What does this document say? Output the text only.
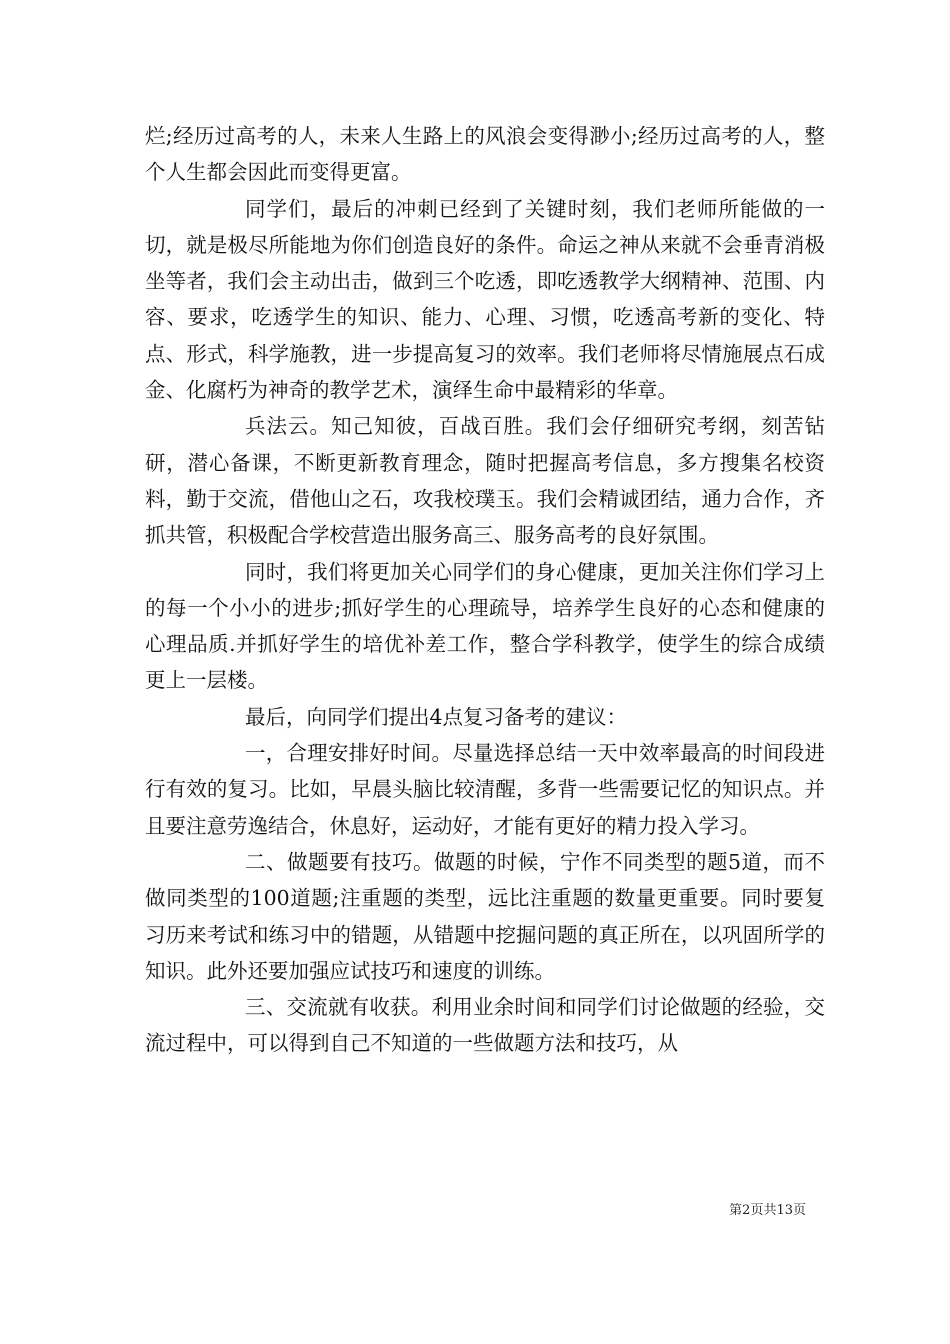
烂;经历过高考的人，未来人生路上的风浪会变得渺小;经历过高考的人，整个人生都会因此而变得更富。

同学们，最后的冲刺已经到了关键时刻，我们老师所能做的一切，就是极尽所能地为你们创造良好的条件。命运之神从来就不会垂青消极坐等者，我们会主动出击，做到三个吃透，即吃透教学大纲精神、范围、内容、要求，吃透学生的知识、能力、心理、习惯，吃透高考新的变化、特点、形式，科学施教，进一步提高复习的效率。我们老师将尽情施展点石成金、化腐朽为神奇的教学艺术，演绎生命中最精彩的华章。

兵法云。知己知彼，百战百胜。我们会仔细研究考纲，刻苦钻研，潜心备课，不断更新教育理念，随时把握高考信息，多方搜集名校资料，勤于交流，借他山之石，攻我校璞玉。我们会精诚团结，通力合作，齐抓共管，积极配合学校营造出服务高三、服务高考的良好氛围。

同时，我们将更加关心同学们的身心健康，更加关注你们学习上的每一个小小的进步;抓好学生的心理疏导，培养学生良好的心态和健康的心理品质.并抓好学生的培优补差工作，整合学科教学，使学生的综合成绩更上一层楼。

最后，向同学们提出4点复习备考的建议：

一，合理安排好时间。尽量选择总结一天中效率最高的时间段进行有效的复习。比如，早晨头脑比较清醒，多背一些需要记忆的知识点。并且要注意劳逸结合，休息好，运动好，才能有更好的精力投入学习。

二、做题要有技巧。做题的时候，宁作不同类型的题5道，而不做同类型的100道题;注重题的类型，远比注重题的数量更重要。同时要复习历来考试和练习中的错题，从错题中挖掘问题的真正所在，以巩固所学的知识。此外还要加强应试技巧和速度的训练。

三、交流就有收获。利用业余时间和同学们讨论做题的经验，交流过程中，可以得到自己不知道的一些做题方法和技巧，从

第2页共13页
